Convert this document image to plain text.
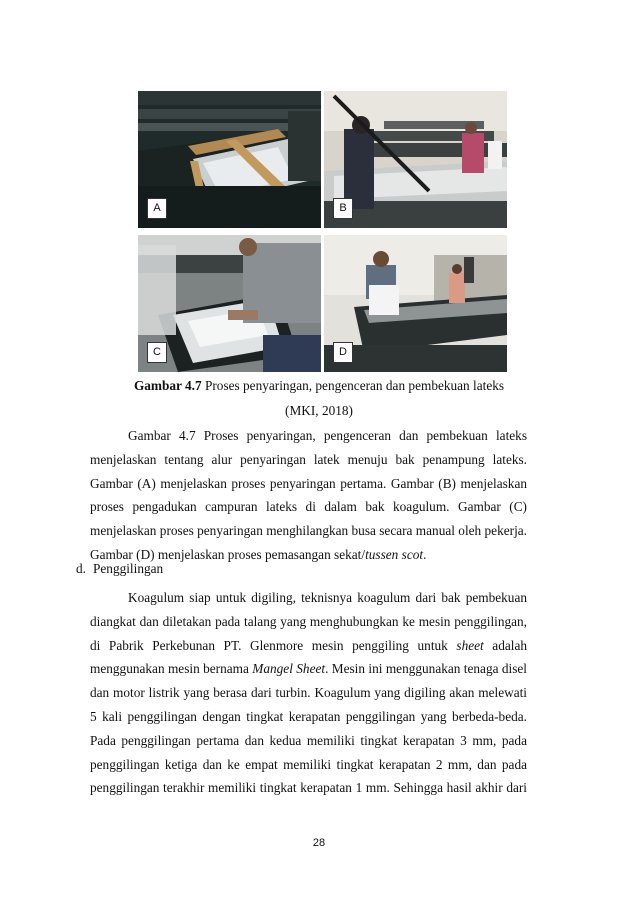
A	B
C	D
Gambar 4.7 Proses penyaringan, pengenceran dan pembekuan lateks
(MKI, 2018)
Gambar 4.7 Proses penyaringan, pengenceran dan pembekuan lateks
menjelaskan tentang alur penyaringan latek menuju bak penampung lateks.
Gambar (A) menjelaskan proses penyaringan pertama. Gambar (B) menjelaskan
proses pengadukan campuran lateks di dalam bak koagulum. Gambar (C)
menjelaskan proses penyaringan menghilangkan busa secara manual oleh pekerja.
Gambar (D) menjelaskan proses pemasangan sekat/tussen scot.
d. Penggilingan
Koagulum siap untuk digiling, teknisnya koagulum dari bak pembekuan
diangkat dan diletakan pada talang yang menghubungkan ke mesin penggilingan,
di Pabrik Perkebunan PT. Glenmore mesin penggiling untuk sheet adalah
menggunakan mesin bernama Mangel Sheet. Mesin ini menggunakan tenaga disel
dan motor listrik yang berasa dari turbin. Koagulum yang digiling akan melewati
5 kali penggilingan dengan tingkat kerapatan penggilingan yang berbeda-beda.
Pada penggilingan pertama dan kedua memiliki tingkat kerapatan 3 mm, pada
penggilingan ketiga dan ke empat memiliki tingkat kerapatan 2 mm, dan pada
penggilingan terakhir memiliki tingkat kerapatan 1 mm. Sehingga hasil akhir dari
28
